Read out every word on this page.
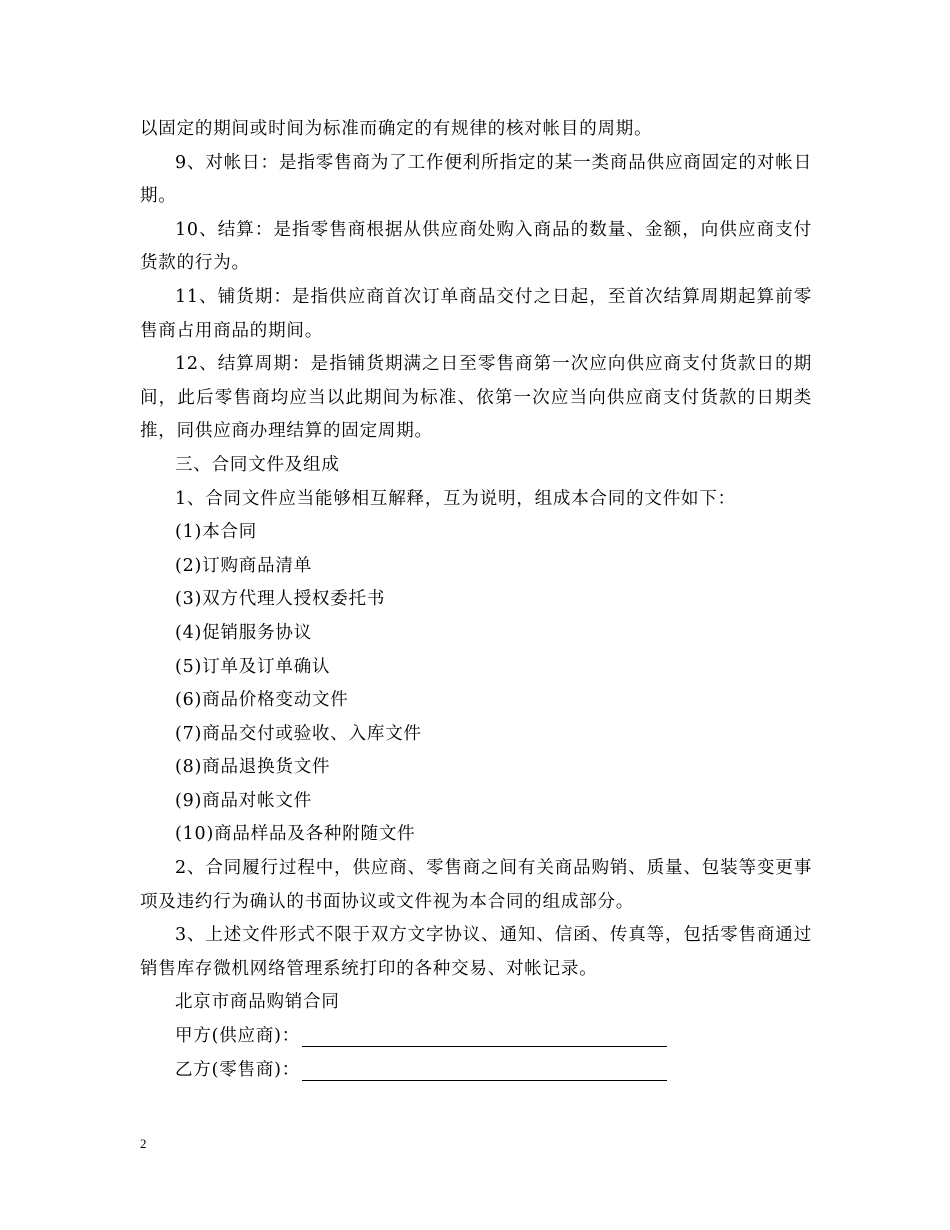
以固定的期间或时间为标准而确定的有规律的核对帐目的周期。

9、对帐日：是指零售商为了工作便利所指定的某一类商品供应商固定的对帐日期。

10、结算：是指零售商根据从供应商处购入商品的数量、金额，向供应商支付货款的行为。

11、铺货期：是指供应商首次订单商品交付之日起，至首次结算周期起算前零售商占用商品的期间。

12、结算周期：是指铺货期满之日至零售商第一次应向供应商支付货款日的期间，此后零售商均应当以此期间为标准、依第一次应当向供应商支付货款的日期类推，同供应商办理结算的固定周期。

三、合同文件及组成

1、合同文件应当能够相互解释，互为说明，组成本合同的文件如下：

(1)本合同

(2)订购商品清单

(3)双方代理人授权委托书

(4)促销服务协议

(5)订单及订单确认

(6)商品价格变动文件

(7)商品交付或验收、入库文件

(8)商品退换货文件

(9)商品对帐文件

(10)商品样品及各种附随文件

2、合同履行过程中，供应商、零售商之间有关商品购销、质量、包装等变更事项及违约行为确认的书面协议或文件视为本合同的组成部分。

3、上述文件形式不限于双方文字协议、通知、信函、传真等，包括零售商通过销售库存微机网络管理系统打印的各种交易、对帐记录。

北京市商品购销合同

甲方(供应商)：

乙方(零售商)：

2
